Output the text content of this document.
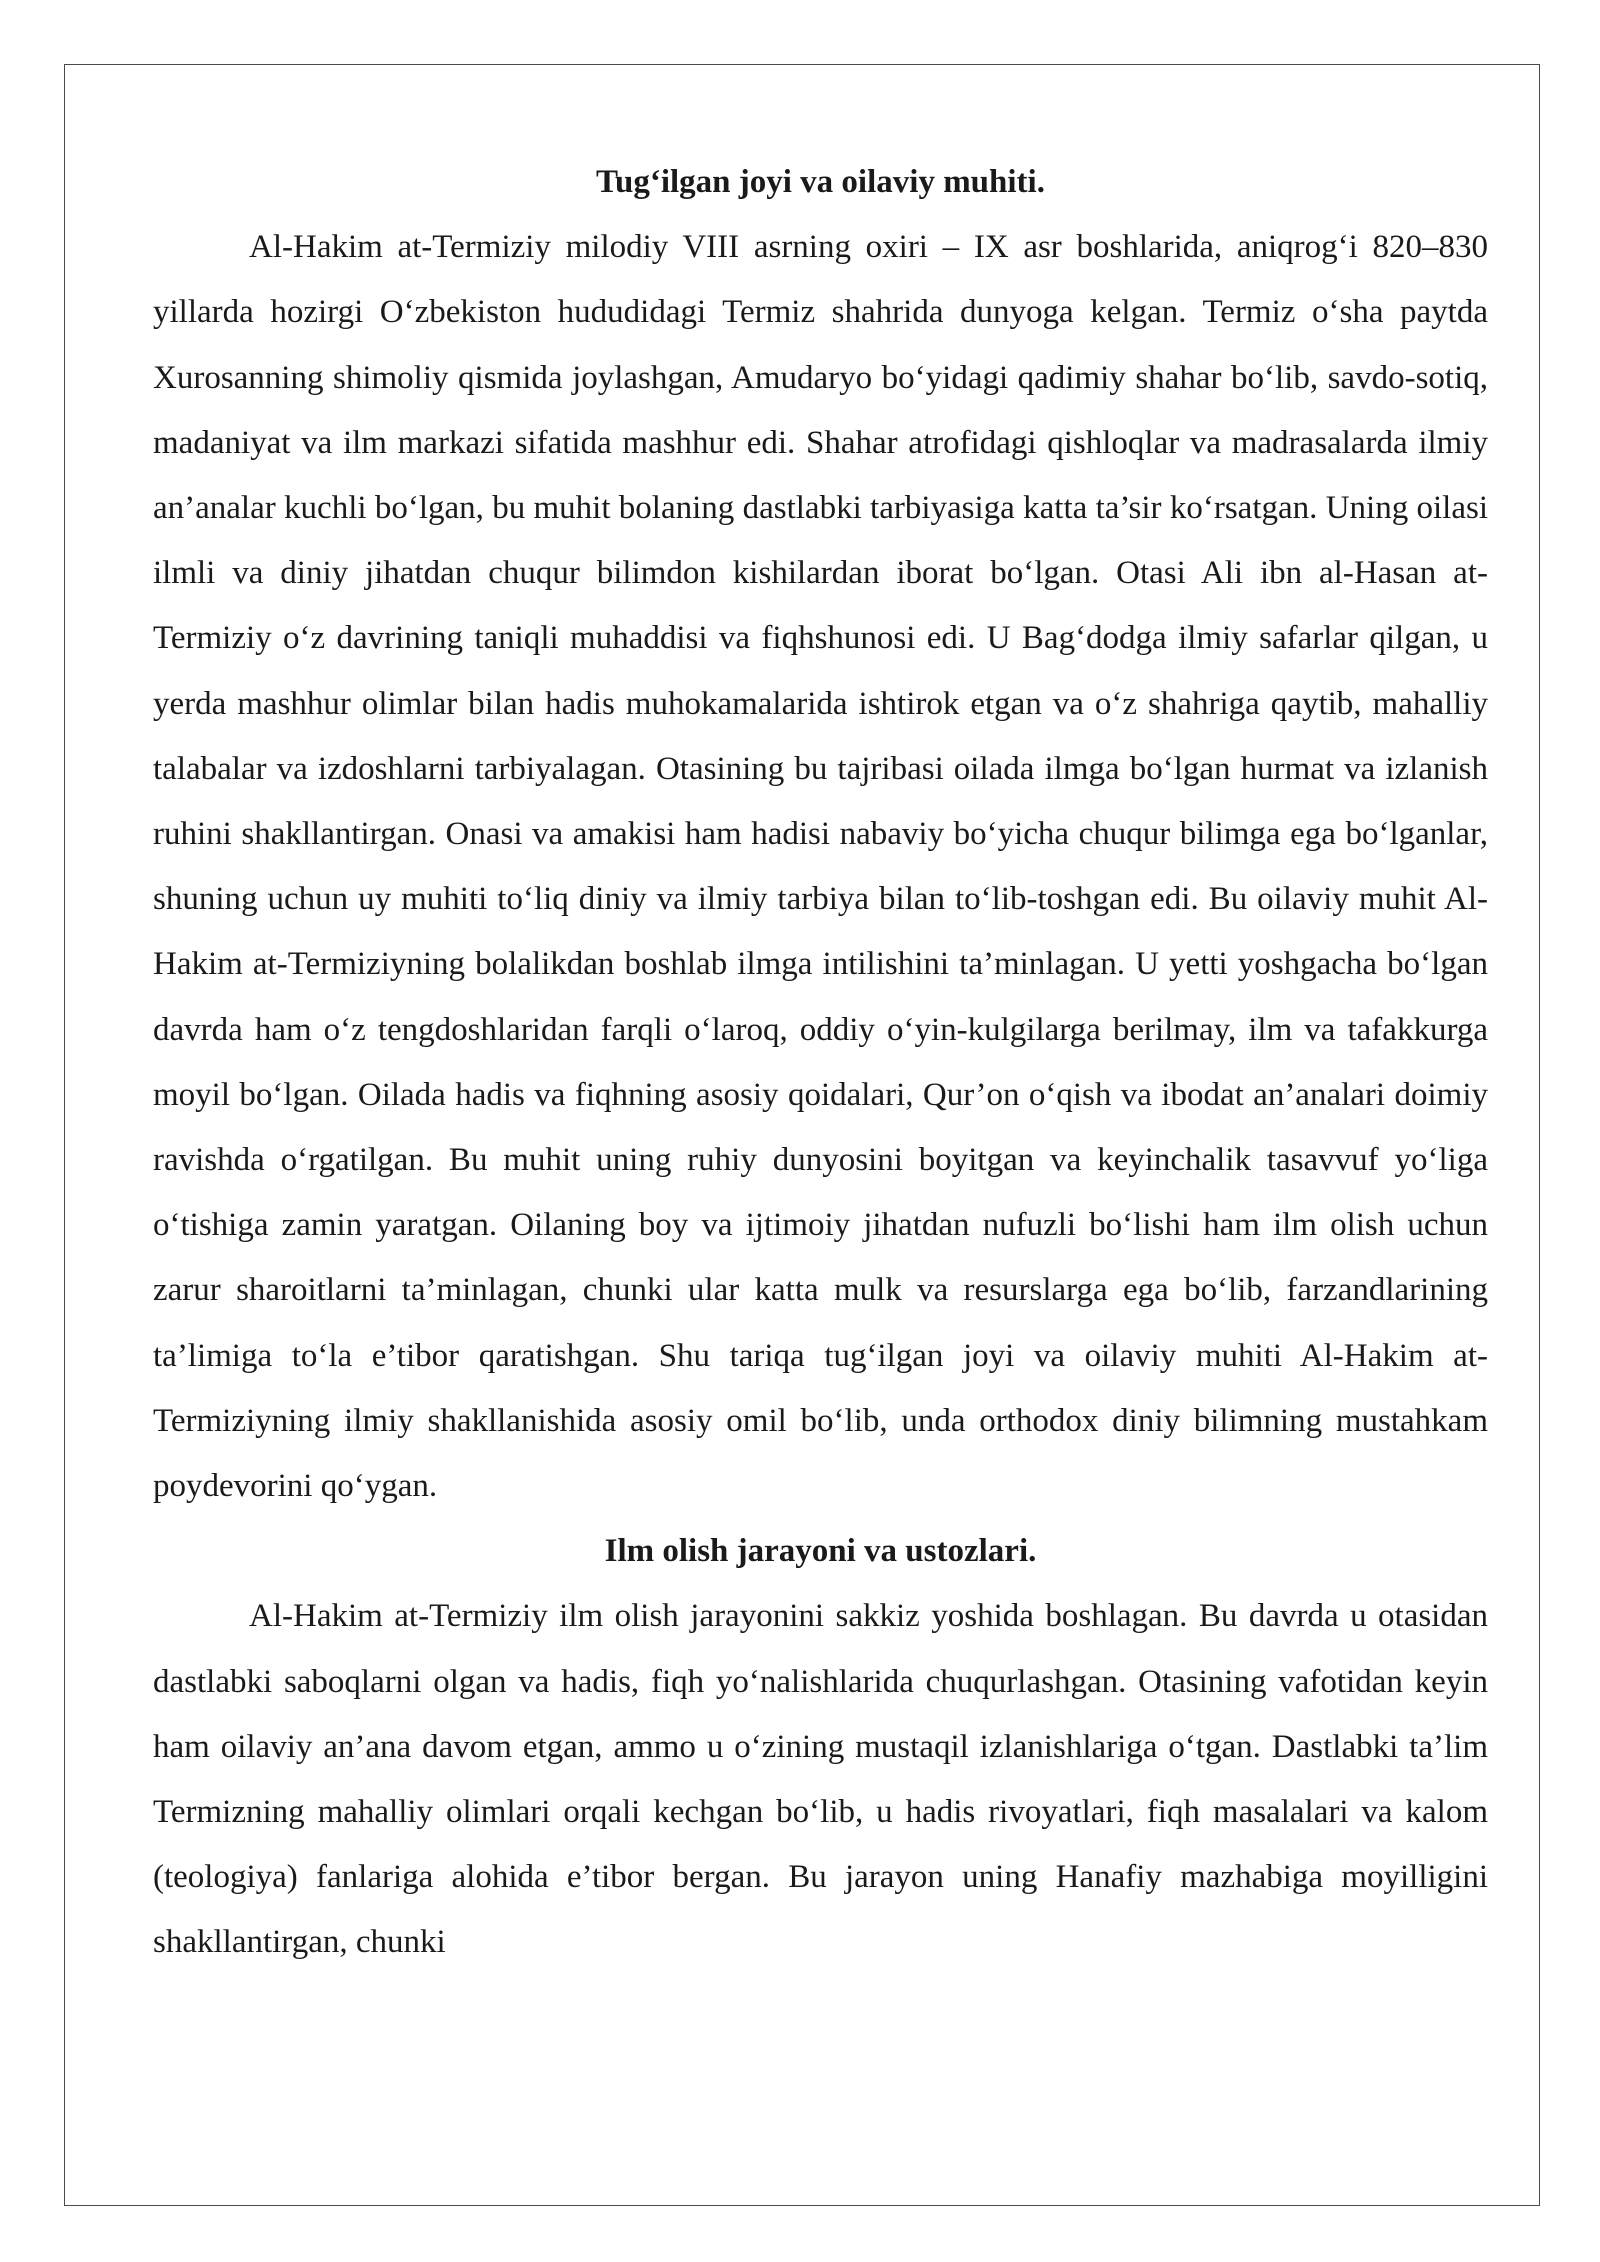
Tug‘ilgan joyi va oilaviy muhiti.

Al-Hakim at-Termiziy milodiy VIII asrning oxiri – IX asr boshlarida, aniqrog‘i 820–830 yillarda hozirgi O‘zbekiston hududidagi Termiz shahrida dunyoga kelgan. Termiz o‘sha paytda Xurosanning shimoliy qismida joylashgan, Amudaryo bo‘yidagi qadimiy shahar bo‘lib, savdo-sotiq, madaniyat va ilm markazi sifatida mashhur edi. Shahar atrofidagi qishloqlar va madrasalarda ilmiy an’analar kuchli bo‘lgan, bu muhit bolaning dastlabki tarbiyasiga katta ta’sir ko‘rsatgan. Uning oilasi ilmli va diniy jihatdan chuqur bilimdon kishilardan iborat bo‘lgan. Otasi Ali ibn al-Hasan at-Termiziy o‘z davrining taniqli muhaddisi va fiqhshunosi edi. U Bag‘dodga ilmiy safarlar qilgan, u yerda mashhur olimlar bilan hadis muhokamalarida ishtirok etgan va o‘z shahriga qaytib, mahalliy talabalar va izdoshlarni tarbiyalagan. Otasining bu tajribasi oilada ilmga bo‘lgan hurmat va izlanish ruhini shakllantirgan. Onasi va amakisi ham hadisi nabaviy bo‘yicha chuqur bilimga ega bo‘lganlar, shuning uchun uy muhiti to‘liq diniy va ilmiy tarbiya bilan to‘lib-toshgan edi. Bu oilaviy muhit Al-Hakim at-Termiziyning bolalikdan boshlab ilmga intilishini ta’minlagan. U yetti yoshgacha bo‘lgan davrda ham o‘z tengdoshlaridan farqli o‘laroq, oddiy o‘yin-kulgilarga berilmay, ilm va tafakkurga moyil bo‘lgan. Oilada hadis va fiqhning asosiy qoidalari, Qur’on o‘qish va ibodat an’analari doimiy ravishda o‘rgatilgan. Bu muhit uning ruhiy dunyosini boyitgan va keyinchalik tasavvuf yo‘liga o‘tishiga zamin yaratgan. Oilaning boy va ijtimoiy jihatdan nufuzli bo‘lishi ham ilm olish uchun zarur sharoitlarni ta’minlagan, chunki ular katta mulk va resurslarga ega bo‘lib, farzandlarining ta’limiga to‘la e’tibor qaratishgan. Shu tariqa tug‘ilgan joyi va oilaviy muhiti Al-Hakim at-Termiziyning ilmiy shakllanishida asosiy omil bo‘lib, unda orthodox diniy bilimning mustahkam poydevorini qo‘ygan.

Ilm olish jarayoni va ustozlari.

Al-Hakim at-Termiziy ilm olish jarayonini sakkiz yoshida boshlagan. Bu davrda u otasidan dastlabki saboqlarni olgan va hadis, fiqh yo‘nalishlarida chuqurlashgan. Otasining vafotidan keyin ham oilaviy an’ana davom etgan, ammo u o‘zining mustaqil izlanishlariga o‘tgan. Dastlabki ta’lim Termizning mahalliy olimlari orqali kechgan bo‘lib, u hadis rivoyatlari, fiqh masalalari va kalom (teologiya) fanlariga alohida e’tibor bergan. Bu jarayon uning Hanafiy mazhabiga moyilligini shakllantirgan, chunki
